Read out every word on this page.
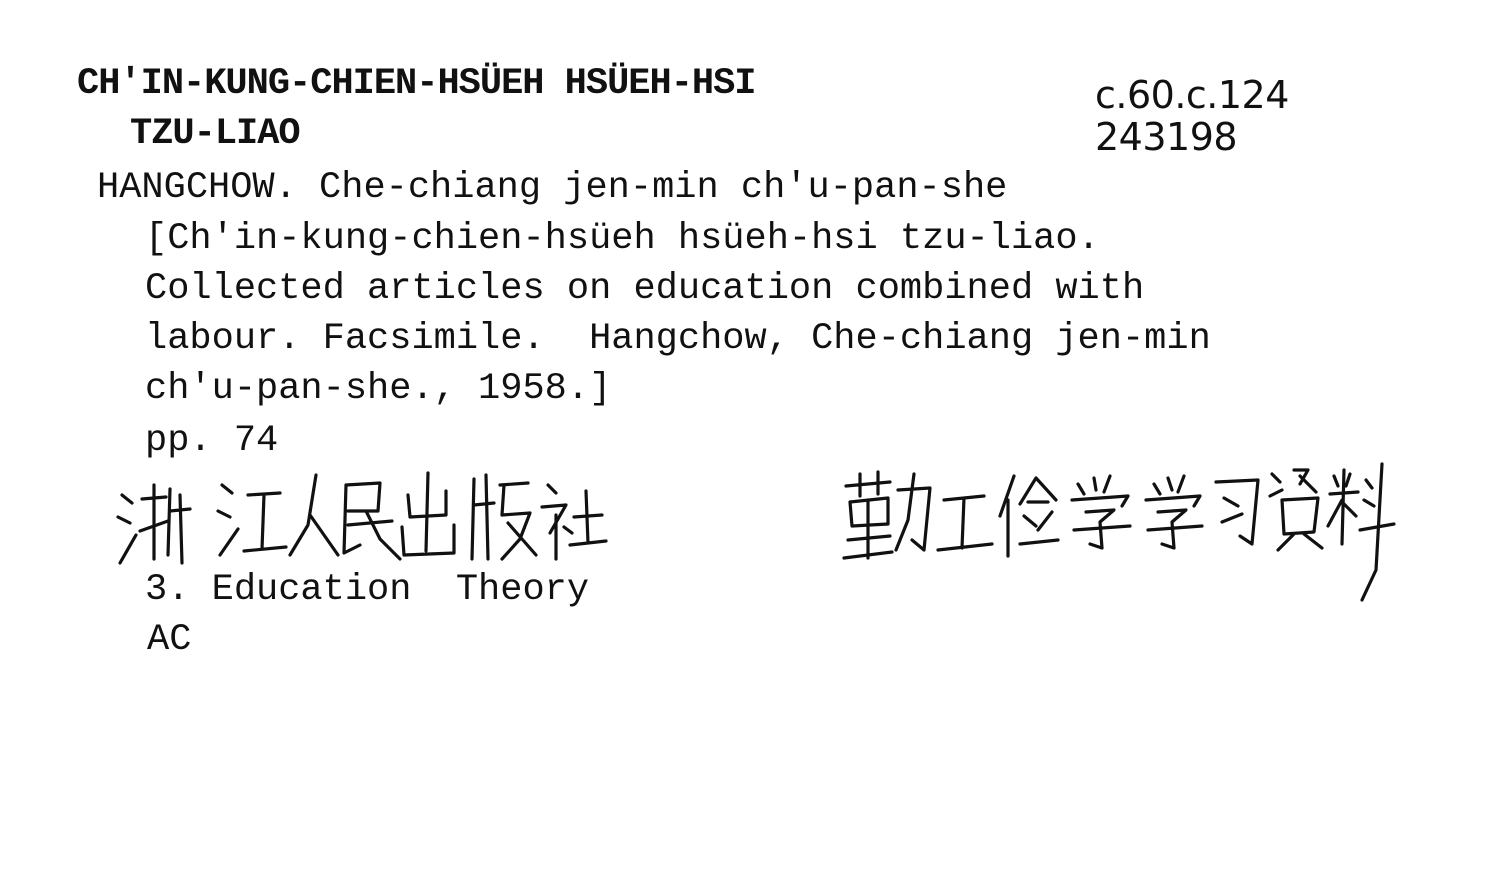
CH'IN-KUNG-CHIEN-HSÜEH HSÜEH-HSI
TZU-LIAO
c.60.c.124
243198
HANGCHOW. Che-chiang jen-min ch'u-pan-she
[Ch'in-kung-chien-hsüeh hsüeh-hsi tzu-liao.
Collected articles on education combined with
labour. Facsimile.  Hangchow, Che-chiang jen-min
ch'u-pan-she., 1958.]
pp. 74
3. Education  Theory
AC
